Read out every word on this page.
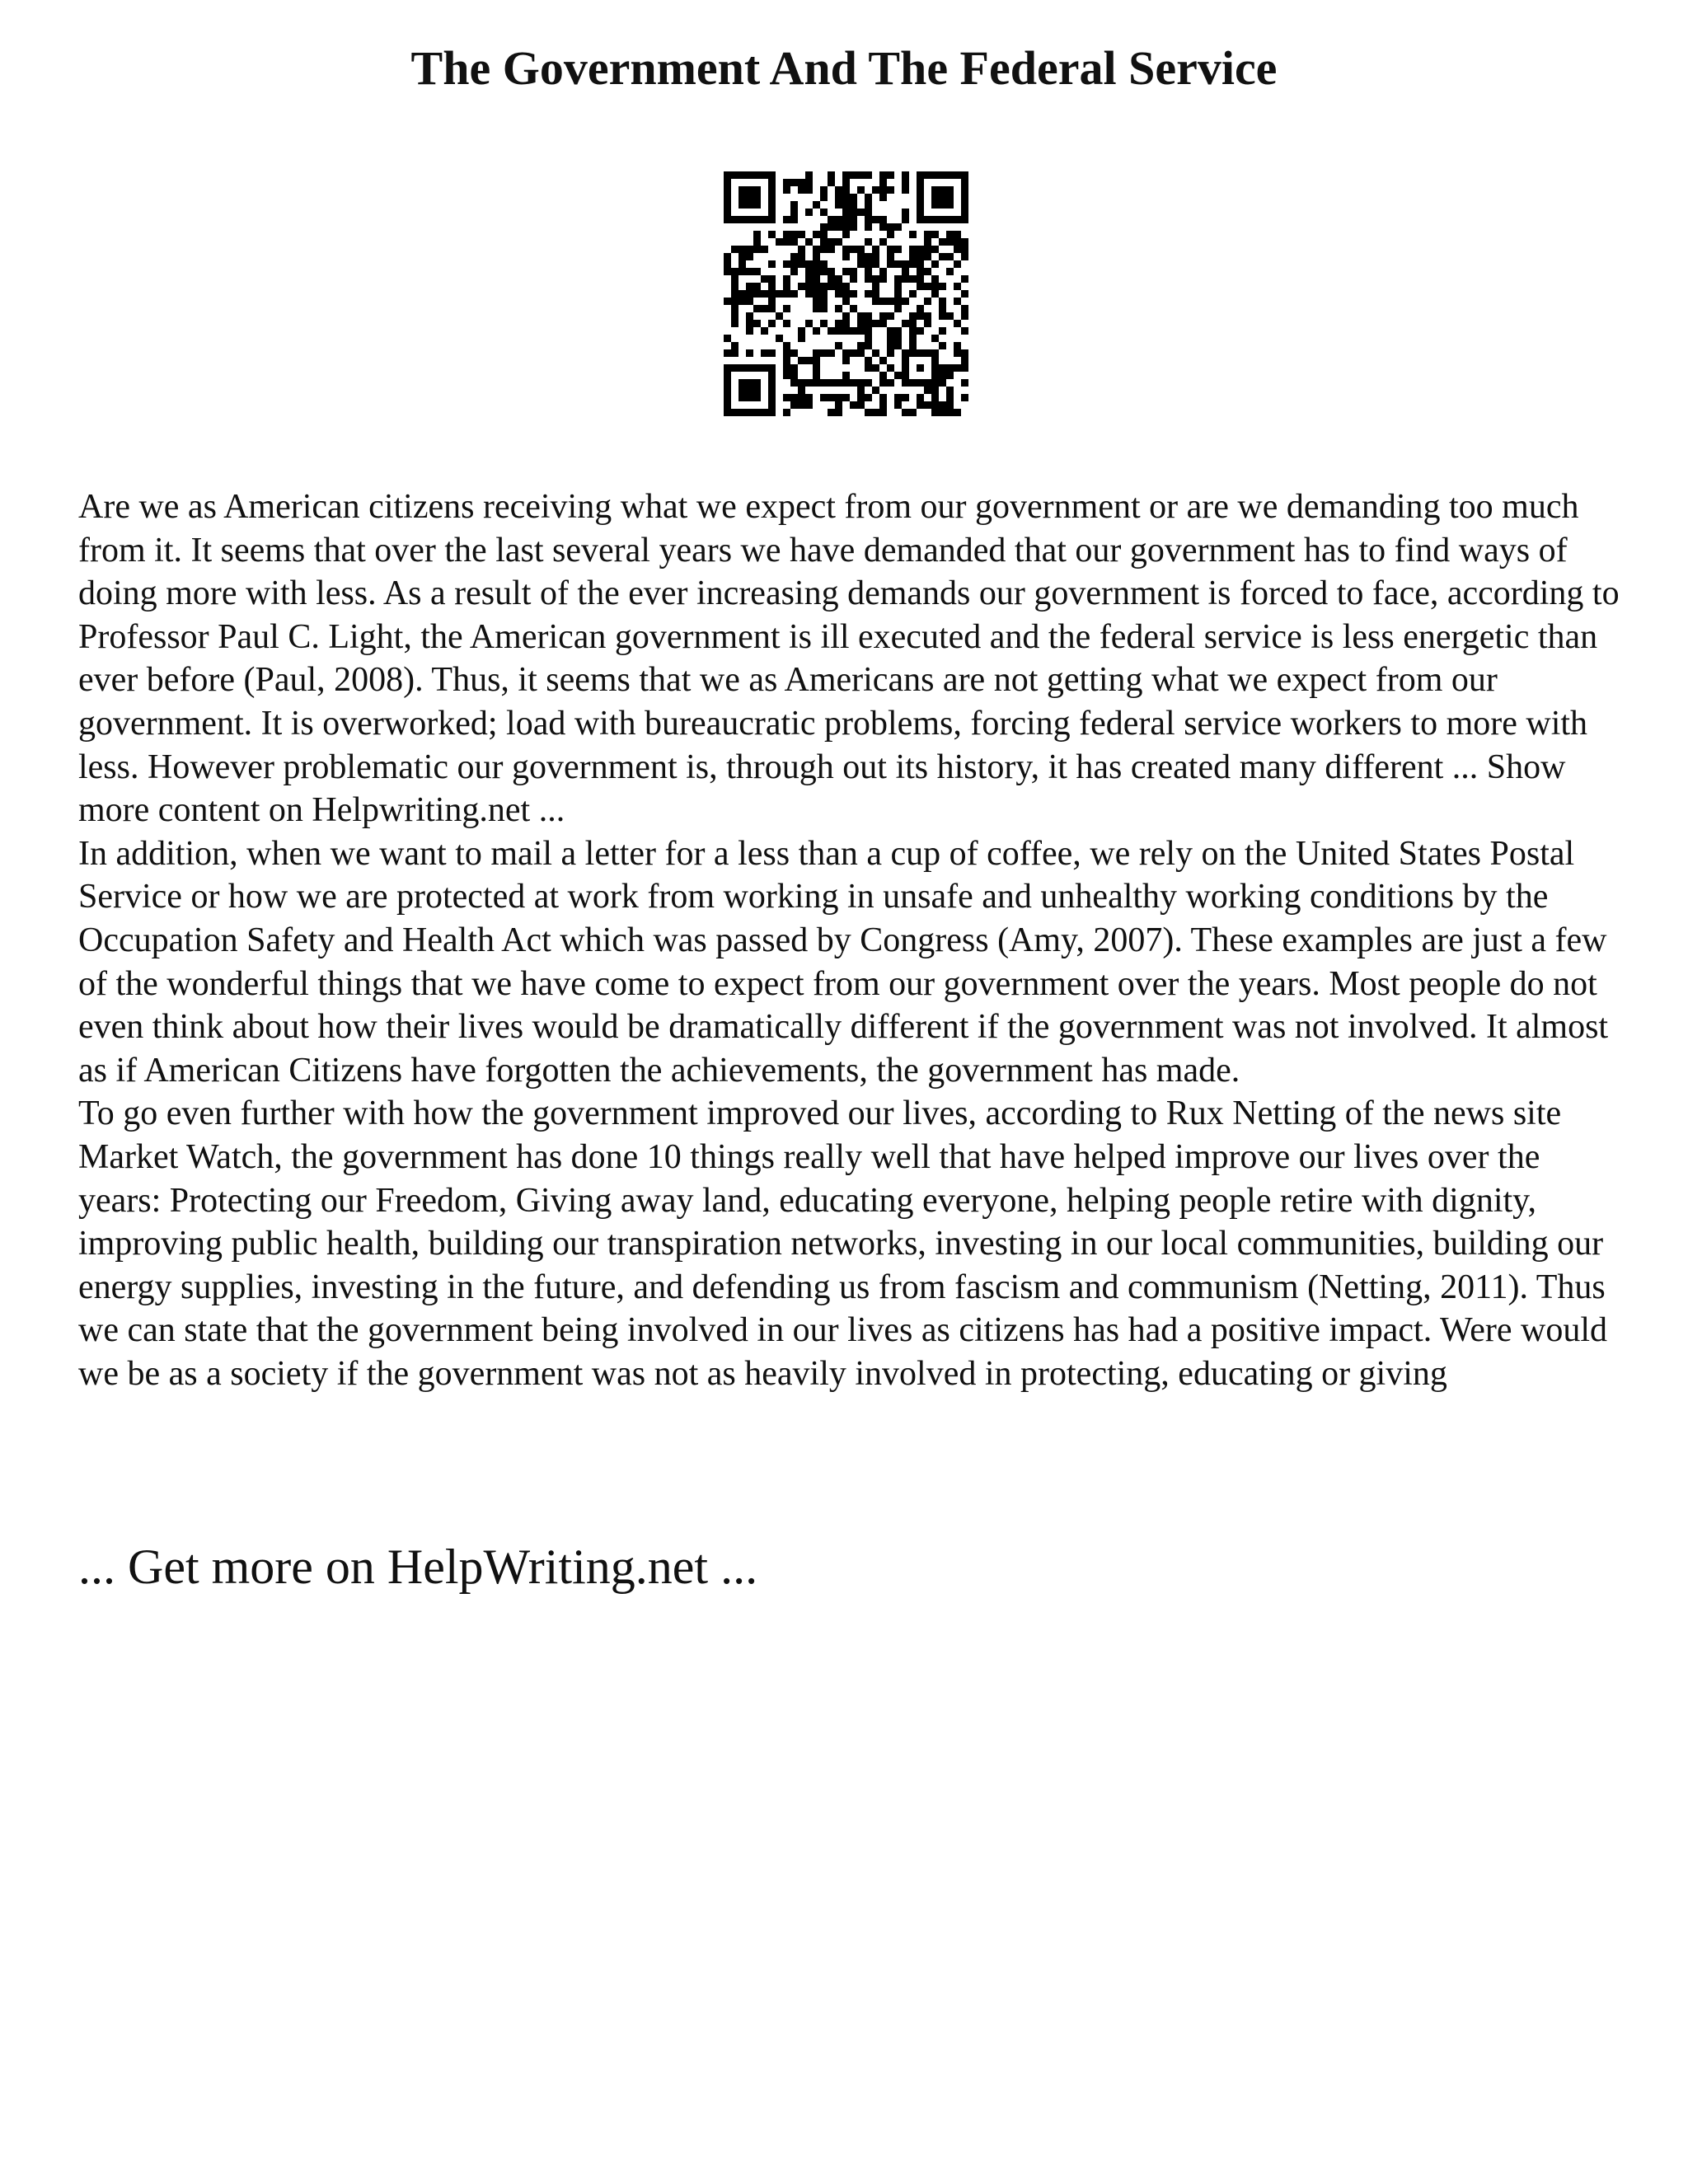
The Government And The Federal Service

Are we as American citizens receiving what we expect from our government or are we demanding too much from it. It seems that over the last several years we have demanded that our government has to find ways of doing more with less. As a result of the ever increasing demands our government is forced to face, according to Professor Paul C. Light, the American government is ill executed and the federal service is less energetic than ever before (Paul, 2008). Thus, it seems that we as Americans are not getting what we expect from our government. It is overworked; load with bureaucratic problems, forcing federal service workers to more with less. However problematic our government is, through out its history, it has created many different ... Show more content on Helpwriting.net ...

In addition, when we want to mail a letter for a less than a cup of coffee, we rely on the United States Postal Service or how we are protected at work from working in unsafe and unhealthy working conditions by the Occupation Safety and Health Act which was passed by Congress (Amy, 2007). These examples are just a few of the wonderful things that we have come to expect from our government over the years. Most people do not even think about how their lives would be dramatically different if the government was not involved. It almost as if American Citizens have forgotten the achievements, the government has made.

To go even further with how the government improved our lives, according to Rux Netting of the news site Market Watch, the government has done 10 things really well that have helped improve our lives over the years: Protecting our Freedom, Giving away land, educating everyone, helping people retire with dignity, improving public health, building our transpiration networks, investing in our local communities, building our energy supplies, investing in the future, and defending us from fascism and communism (Netting, 2011). Thus we can state that the government being involved in our lives as citizens has had a positive impact. Were would we be as a society if the government was not as heavily involved in protecting, educating or giving

... Get more on HelpWriting.net ...
